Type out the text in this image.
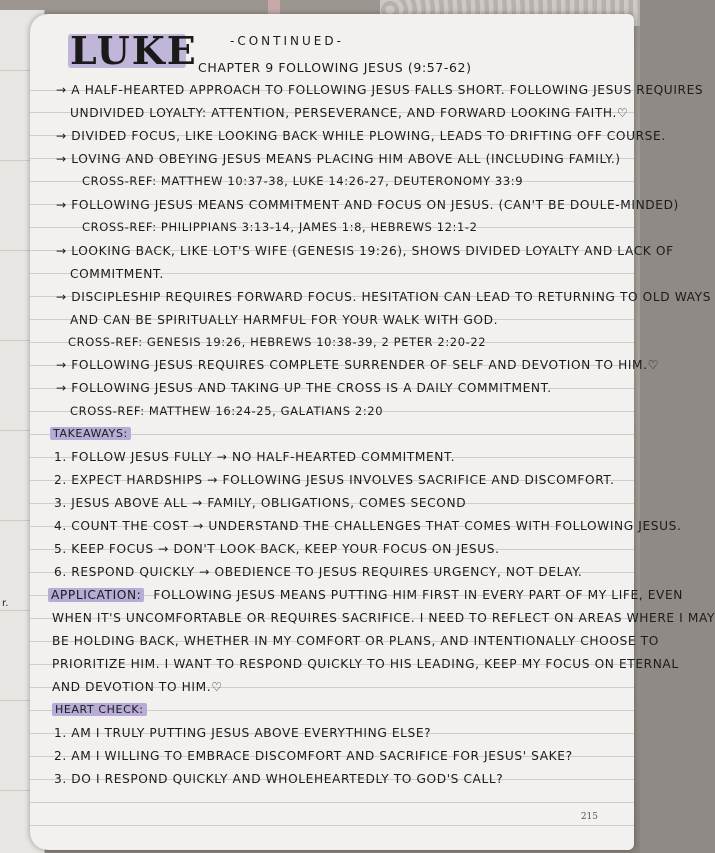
r.
LUKE	-CONTINUED-
CHAPTER 9 FOLLOWING JESUS (9:57-62)
→ A HALF-HEARTED APPROACH TO FOLLOWING JESUS FALLS SHORT. FOLLOWING JESUS REQUIRES
UNDIVIDED LOYALTY: ATTENTION, PERSEVERANCE, AND FORWARD LOOKING FAITH.♡
→ DIVIDED FOCUS, LIKE LOOKING BACK WHILE PLOWING, LEADS TO DRIFTING OFF COURSE.
→ LOVING AND OBEYING JESUS MEANS PLACING HIM ABOVE ALL (INCLUDING FAMILY.)
CROSS-REF: MATTHEW 10:37-38, LUKE 14:26-27, DEUTERONOMY 33:9
→ FOLLOWING JESUS MEANS COMMITMENT AND FOCUS ON JESUS. (CAN'T BE DOULE-MINDED)
CROSS-REF: PHILIPPIANS 3:13-14, JAMES 1:8, HEBREWS 12:1-2
→ LOOKING BACK, LIKE LOT'S WIFE (GENESIS 19:26), SHOWS DIVIDED LOYALTY AND LACK OF
COMMITMENT.
→ DISCIPLESHIP REQUIRES FORWARD FOCUS. HESITATION CAN LEAD TO RETURNING TO OLD WAYS
AND CAN BE SPIRITUALLY HARMFUL FOR YOUR WALK WITH GOD.
CROSS-REF: GENESIS 19:26, HEBREWS 10:38-39, 2 PETER 2:20-22
→ FOLLOWING JESUS REQUIRES COMPLETE SURRENDER OF SELF AND DEVOTION TO HIM.♡
→ FOLLOWING JESUS AND TAKING UP THE CROSS IS A DAILY COMMITMENT.
CROSS-REF: MATTHEW 16:24-25, GALATIANS 2:20
TAKEAWAYS:
1. FOLLOW JESUS FULLY → NO HALF-HEARTED COMMITMENT.
2. EXPECT HARDSHIPS → FOLLOWING JESUS INVOLVES SACRIFICE AND DISCOMFORT.
3. JESUS ABOVE ALL → FAMILY, OBLIGATIONS, COMES SECOND
4. COUNT THE COST → UNDERSTAND THE CHALLENGES THAT COMES WITH FOLLOWING JESUS.
5. KEEP FOCUS → DON'T LOOK BACK, KEEP YOUR FOCUS ON JESUS.
6. RESPOND QUICKLY → OBEDIENCE TO JESUS REQUIRES URGENCY, NOT DELAY.
APPLICATION: FOLLOWING JESUS MEANS PUTTING HIM FIRST IN EVERY PART OF MY LIFE, EVEN
WHEN IT'S UNCOMFORTABLE OR REQUIRES SACRIFICE. I NEED TO REFLECT ON AREAS WHERE I MAY
BE HOLDING BACK, WHETHER IN MY COMFORT OR PLANS, AND INTENTIONALLY CHOOSE TO
PRIORITIZE HIM. I WANT TO RESPOND QUICKLY TO HIS LEADING, KEEP MY FOCUS ON ETERNAL
AND DEVOTION TO HIM.♡
HEART CHECK:
1. AM I TRULY PUTTING JESUS ABOVE EVERYTHING ELSE?
2. AM I WILLING TO EMBRACE DISCOMFORT AND SACRIFICE FOR JESUS' SAKE?
3. DO I RESPOND QUICKLY AND WHOLEHEARTEDLY TO GOD'S CALL?
215
